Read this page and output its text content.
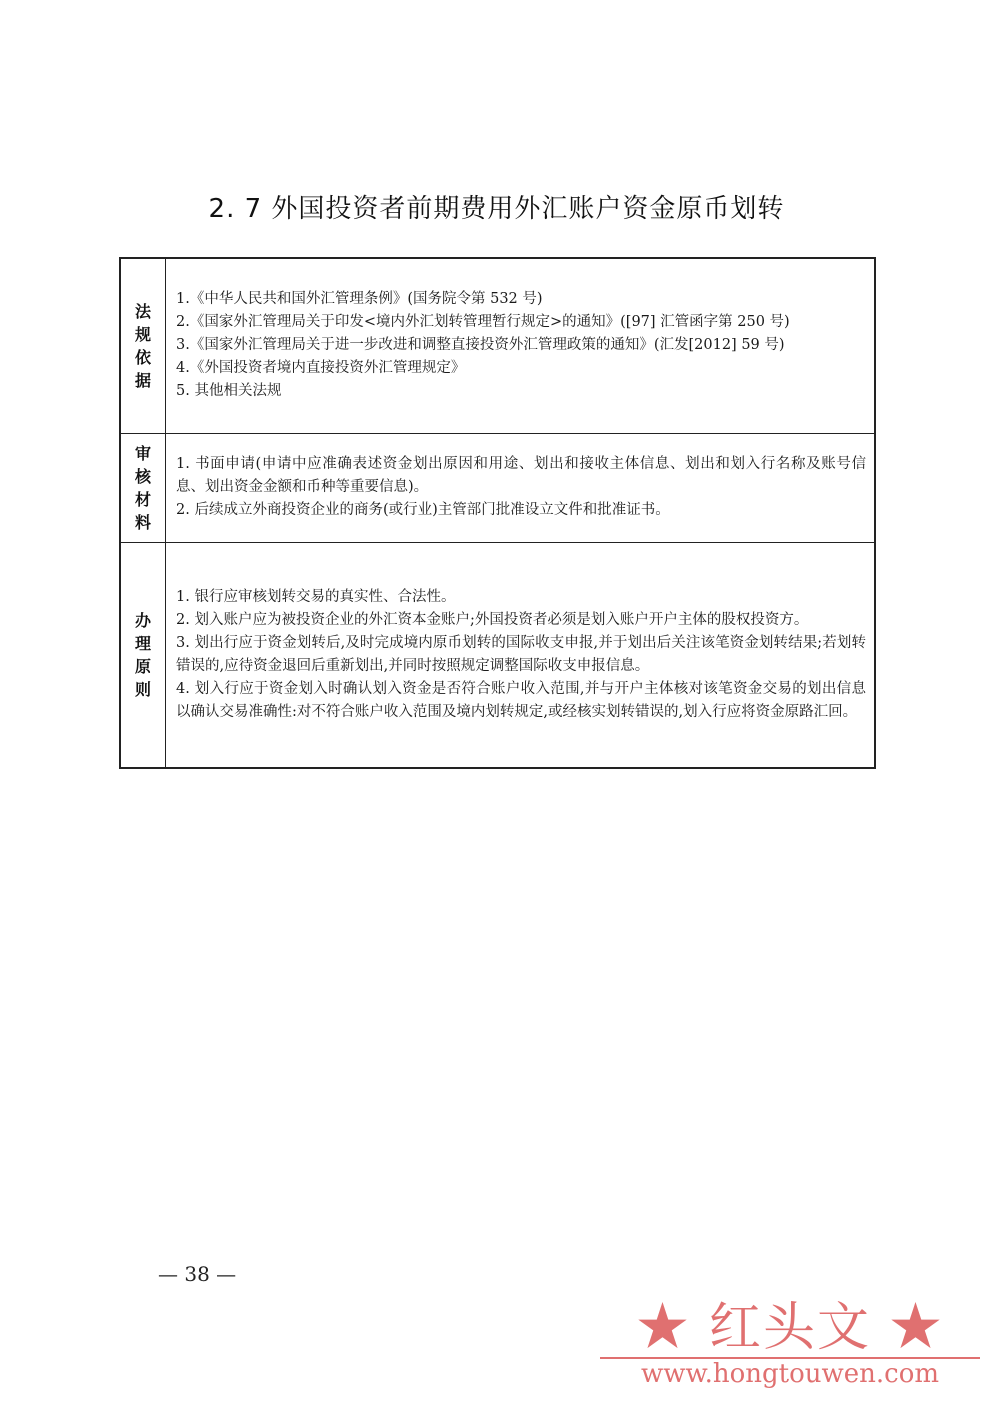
2. 7 外国投资者前期费用外汇账户资金原币划转
法规依据	1.《中华人民共和国外汇管理条例》(国务院令第 532 号)
2.《国家外汇管理局关于印发<境内外汇划转管理暂行规定>的通知》([97] 汇管函字第 250 号)
3.《国家外汇管理局关于进一步改进和调整直接投资外汇管理政策的通知》(汇发[2012] 59 号)
4.《外国投资者境内直接投资外汇管理规定》
5. 其他相关法规

审核材料	1. 书面申请(申请中应准确表述资金划出原因和用途、划出和接收主体信息、划出和划入行名称及账号信息、划出资金金额和币种等重要信息)。
2. 后续成立外商投资企业的商务(或行业)主管部门批准设立文件和批准证书。

办理原则	1. 银行应审核划转交易的真实性、合法性。
2. 划入账户应为被投资企业的外汇资本金账户;外国投资者必须是划入账户开户主体的股权投资方。
3. 划出行应于资金划转后,及时完成境内原币划转的国际收支申报,并于划出后关注该笔资金划转结果;若划转错误的,应待资金退回后重新划出,并同时按照规定调整国际收支申报信息。
4. 划入行应于资金划入时确认划入资金是否符合账户收入范围,并与开户主体核对该笔资金交易的划出信息以确认交易准确性:对不符合账户收入范围及境内划转规定,或经核实划转错误的,划入行应将资金原路汇回。
— 38 —
★ 红头文 ★
www.hongtouwen.com
